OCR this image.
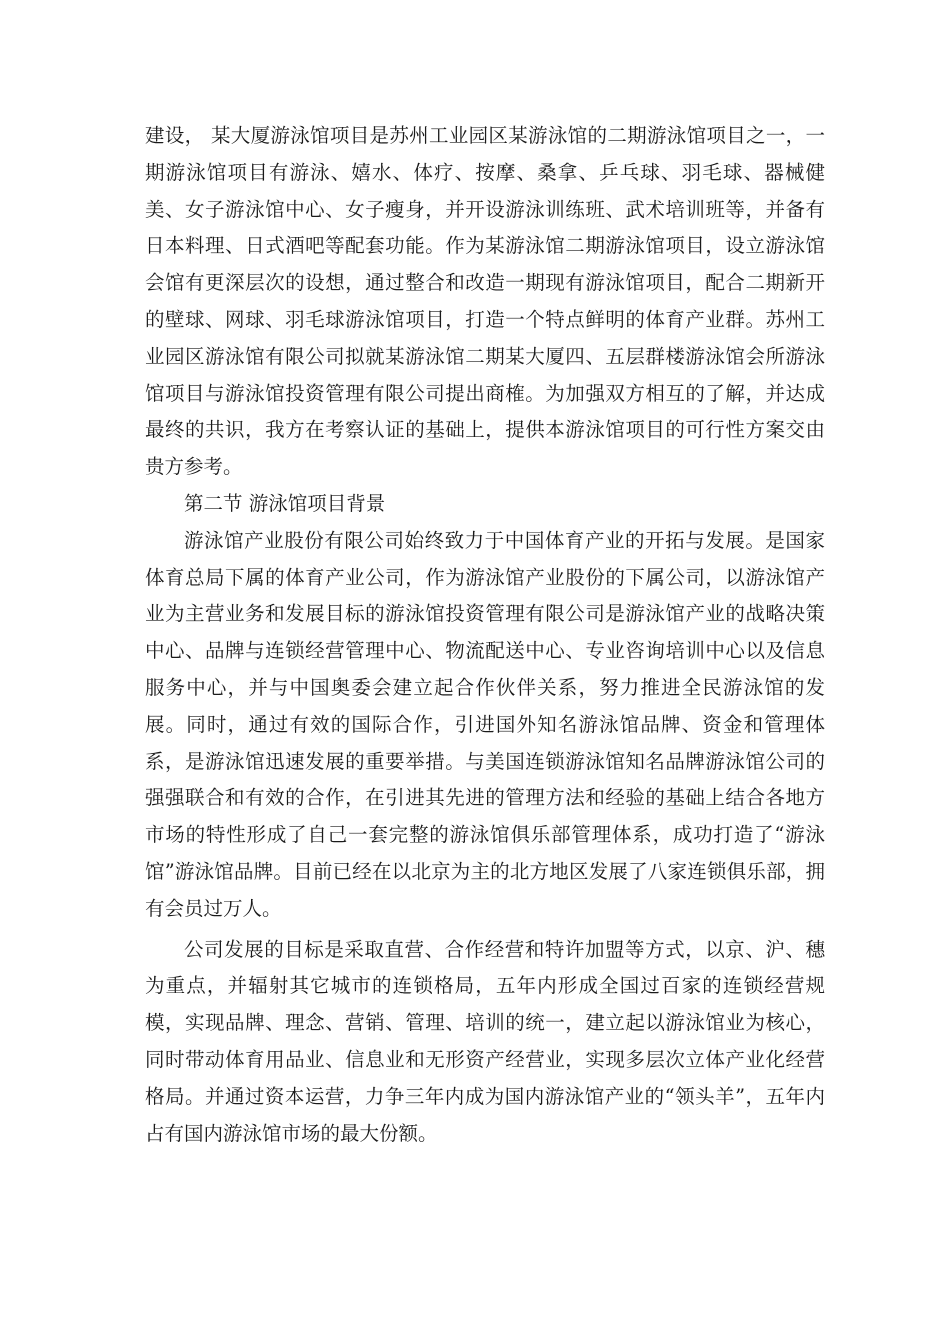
建设， 某大厦游泳馆项目是苏州工业园区某游泳馆的二期游泳馆项目之一，一期游泳馆项目有游泳、嬉水、体疗、按摩、桑拿、乒乓球、羽毛球、器械健美、女子游泳馆中心、女子瘦身，并开设游泳训练班、武术培训班等，并备有日本料理、日式酒吧等配套功能。作为某游泳馆二期游泳馆项目，设立游泳馆会馆有更深层次的设想，通过整合和改造一期现有游泳馆项目，配合二期新开的壁球、网球、羽毛球游泳馆项目，打造一个特点鲜明的体育产业群。苏州工业园区游泳馆有限公司拟就某游泳馆二期某大厦四、五层群楼游泳馆会所游泳馆项目与游泳馆投资管理有限公司提出商榷。为加强双方相互的了解，并达成最终的共识，我方在考察认证的基础上，提供本游泳馆项目的可行性方案交由贵方参考。

第二节 游泳馆项目背景

游泳馆产业股份有限公司始终致力于中国体育产业的开拓与发展。是国家体育总局下属的体育产业公司，作为游泳馆产业股份的下属公司，以游泳馆产业为主营业务和发展目标的游泳馆投资管理有限公司是游泳馆产业的战略决策中心、品牌与连锁经营管理中心、物流配送中心、专业咨询培训中心以及信息服务中心，并与中国奥委会建立起合作伙伴关系，努力推进全民游泳馆的发展。同时，通过有效的国际合作，引进国外知名游泳馆品牌、资金和管理体系，是游泳馆迅速发展的重要举措。与美国连锁游泳馆知名品牌游泳馆公司的强强联合和有效的合作，在引进其先进的管理方法和经验的基础上结合各地方市场的特性形成了自己一套完整的游泳馆俱乐部管理体系，成功打造了“游泳馆”游泳馆品牌。目前已经在以北京为主的北方地区发展了八家连锁俱乐部，拥有会员过万人。

公司发展的目标是采取直营、合作经营和特许加盟等方式，以京、沪、穗为重点，并辐射其它城市的连锁格局，五年内形成全国过百家的连锁经营规模，实现品牌、理念、营销、管理、培训的统一，建立起以游泳馆业为核心，同时带动体育用品业、信息业和无形资产经营业，实现多层次立体产业化经营格局。并通过资本运营，力争三年内成为国内游泳馆产业的“领头羊”，五年内占有国内游泳馆市场的最大份额。
